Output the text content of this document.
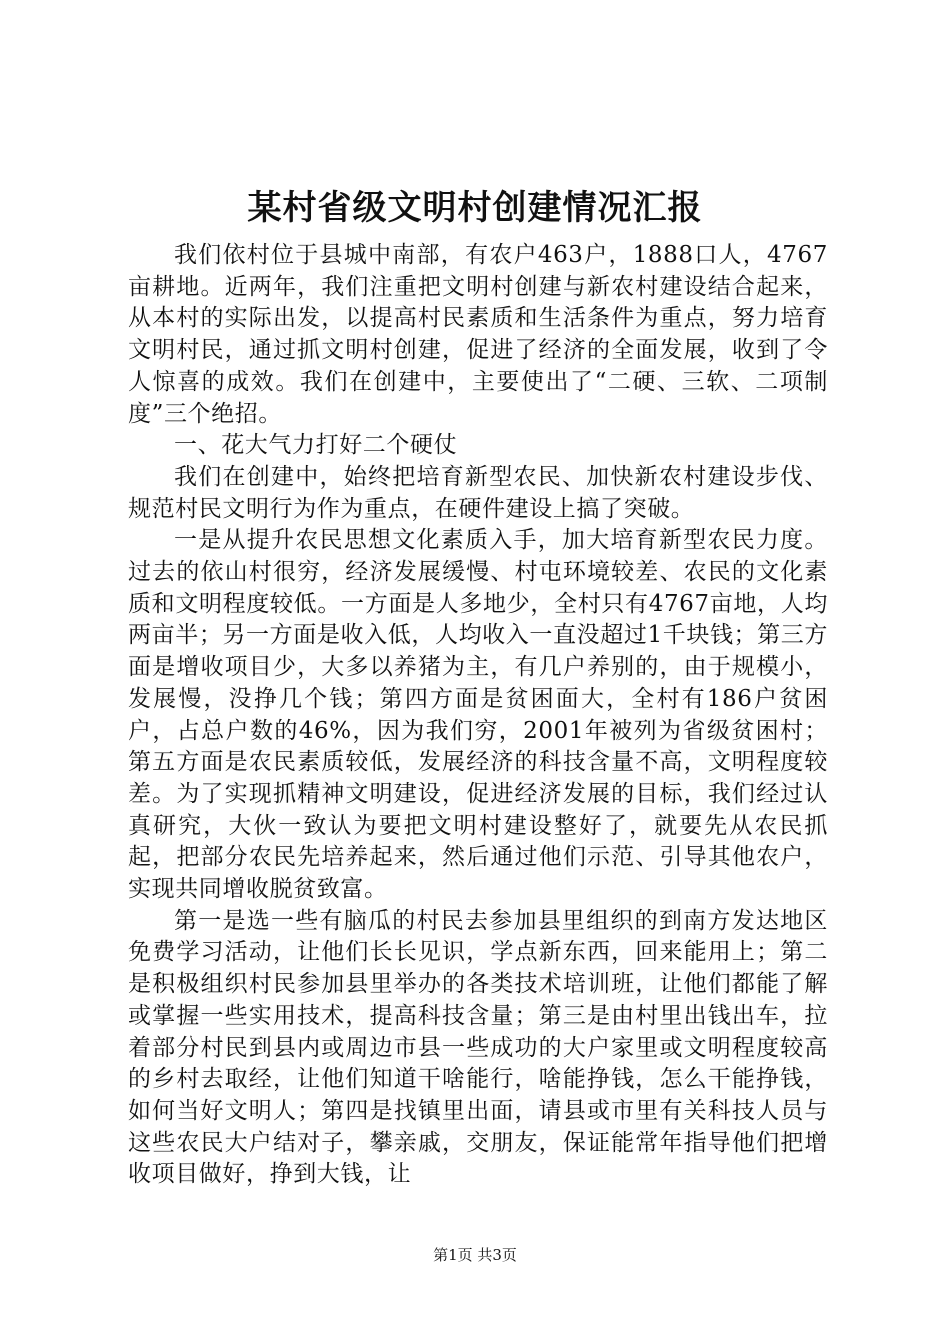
某村省级文明村创建情况汇报

我们依村位于县城中南部，有农户463户，1888口人，4767亩耕地。近两年，我们注重把文明村创建与新农村建设结合起来，从本村的实际出发，以提高村民素质和生活条件为重点，努力培育文明村民，通过抓文明村创建，促进了经济的全面发展，收到了令人惊喜的成效。我们在创建中，主要使出了“二硬、三软、二项制度”三个绝招。

一、花大气力打好二个硬仗

我们在创建中，始终把培育新型农民、加快新农村建设步伐、规范村民文明行为作为重点，在硬件建设上搞了突破。

一是从提升农民思想文化素质入手，加大培育新型农民力度。过去的依山村很穷，经济发展缓慢、村屯环境较差、农民的文化素质和文明程度较低。一方面是人多地少，全村只有4767亩地，人均两亩半；另一方面是收入低，人均收入一直没超过1千块钱；第三方面是增收项目少，大多以养猪为主，有几户养别的，由于规模小，发展慢，没挣几个钱；第四方面是贫困面大，全村有186户贫困户，占总户数的46%，因为我们穷，2001年被列为省级贫困村；第五方面是农民素质较低，发展经济的科技含量不高，文明程度较差。为了实现抓精神文明建设，促进经济发展的目标，我们经过认真研究，大伙一致认为要把文明村建设整好了，就要先从农民抓起，把部分农民先培养起来，然后通过他们示范、引导其他农户，实现共同增收脱贫致富。

第一是选一些有脑瓜的村民去参加县里组织的到南方发达地区免费学习活动，让他们长长见识，学点新东西，回来能用上；第二是积极组织村民参加县里举办的各类技术培训班，让他们都能了解或掌握一些实用技术，提高科技含量；第三是由村里出钱出车，拉着部分村民到县内或周边市县一些成功的大户家里或文明程度较高的乡村去取经，让他们知道干啥能行，啥能挣钱，怎么干能挣钱，如何当好文明人；第四是找镇里出面，请县或市里有关科技人员与这些农民大户结对子，攀亲戚，交朋友，保证能常年指导他们把增收项目做好，挣到大钱，让

第1页 共3页
